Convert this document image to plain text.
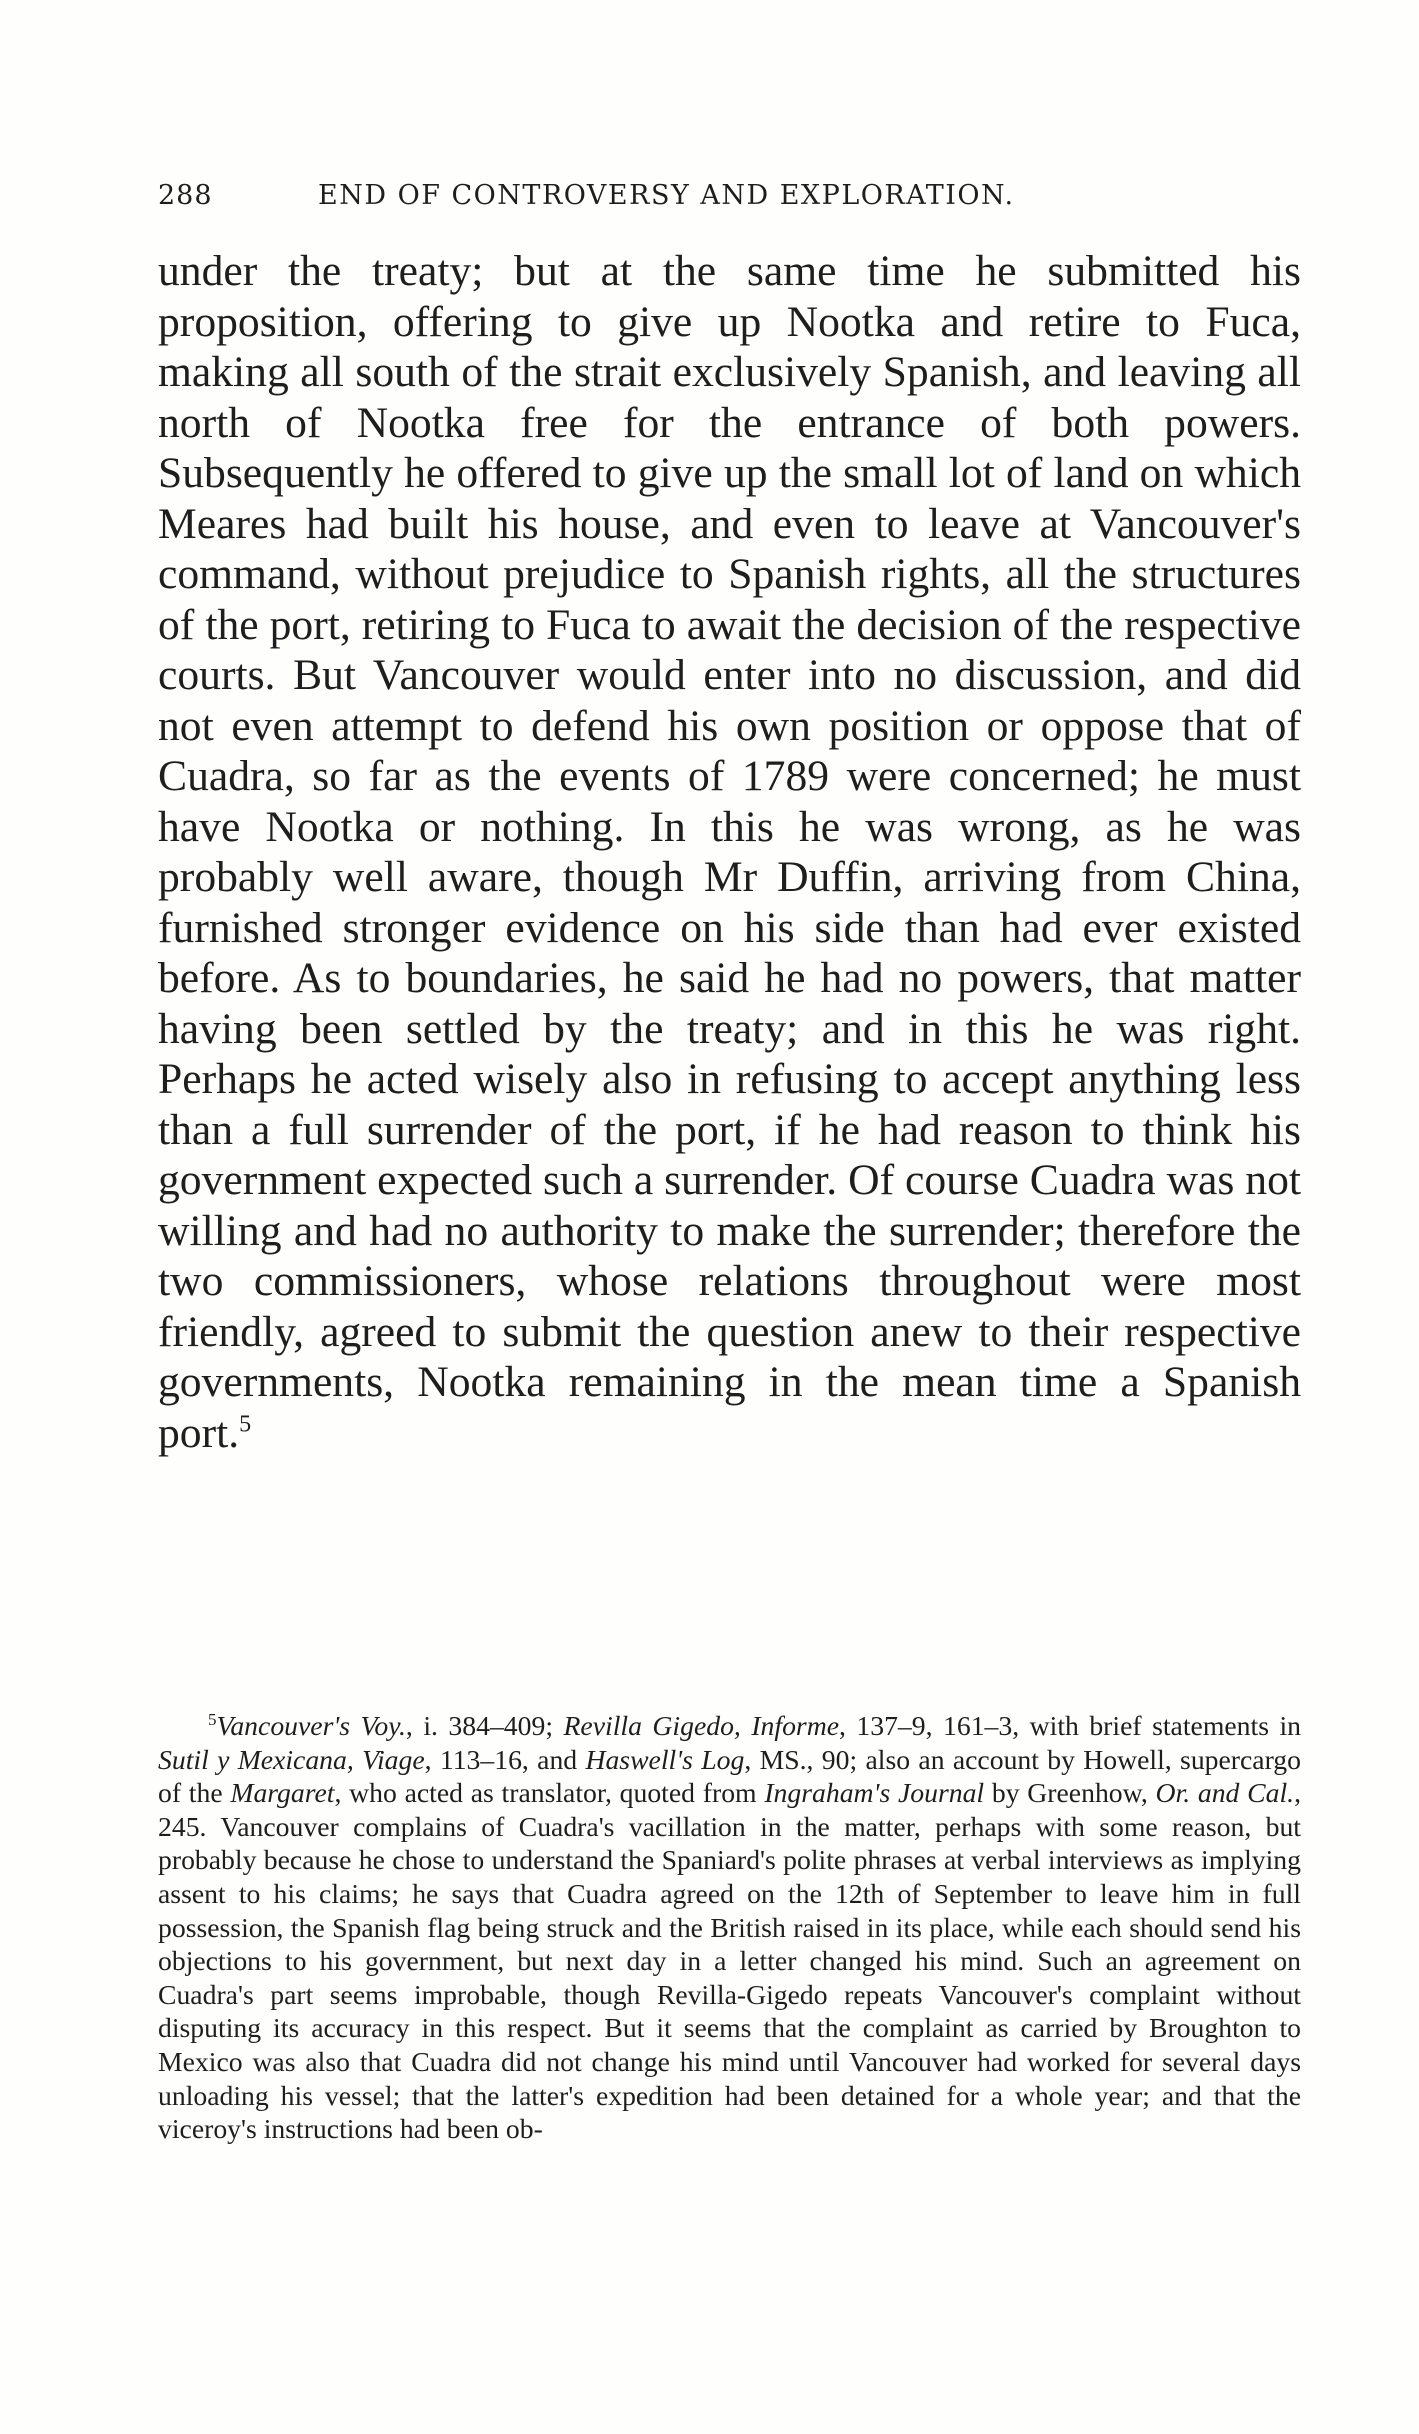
288	END OF CONTROVERSY AND EXPLORATION.

under the treaty; but at the same time he submitted his proposition, offering to give up Nootka and retire to Fuca, making all south of the strait exclusively Spanish, and leaving all north of Nootka free for the entrance of both powers. Subsequently he offered to give up the small lot of land on which Meares had built his house, and even to leave at Vancouver's command, without prejudice to Spanish rights, all the structures of the port, retiring to Fuca to await the decision of the respective courts. But Vancouver would enter into no discussion, and did not even attempt to defend his own position or oppose that of Cuadra, so far as the events of 1789 were concerned; he must have Nootka or nothing. In this he was wrong, as he was probably well aware, though Mr Duffin, arriving from China, furnished stronger evidence on his side than had ever existed before. As to boundaries, he said he had no powers, that matter having been settled by the treaty; and in this he was right. Perhaps he acted wisely also in refusing to accept anything less than a full surrender of the port, if he had reason to think his government expected such a surrender. Of course Cuadra was not willing and had no authority to make the surrender; therefore the two commissioners, whose relations throughout were most friendly, agreed to submit the question anew to their respective governments, Nootka remaining in the mean time a Spanish port.$^5$

$^5$Vancouver's Voy., i. 384–409; Revilla Gigedo, Informe, 137–9, 161–3, with brief statements in Sutil y Mexicana, Viage, 113–16, and Haswell's Log, MS., 90; also an account by Howell, supercargo of the Margaret, who acted as translator, quoted from Ingraham's Journal by Greenhow, Or. and Cal., 245. Vancouver complains of Cuadra's vacillation in the matter, perhaps with some reason, but probably because he chose to understand the Spaniard's polite phrases at verbal interviews as implying assent to his claims; he says that Cuadra agreed on the 12th of September to leave him in full possession, the Spanish flag being struck and the British raised in its place, while each should send his objections to his government, but next day in a letter changed his mind. Such an agreement on Cuadra's part seems improbable, though Revilla-Gigedo repeats Vancouver's complaint without disputing its accuracy in this respect. But it seems that the complaint as carried by Broughton to Mexico was also that Cuadra did not change his mind until Vancouver had worked for several days unloading his vessel; that the latter's expedition had been detained for a whole year; and that the viceroy's instructions had been ob-
